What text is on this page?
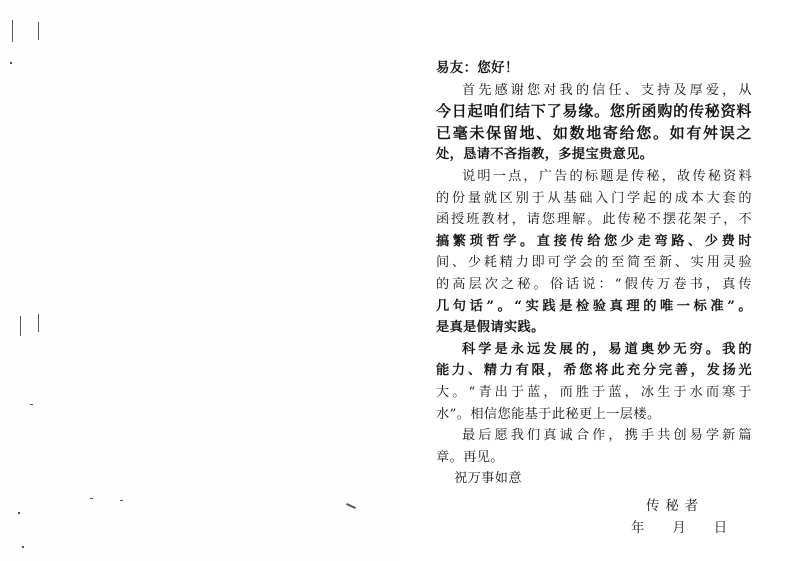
易友：您好！
首先感谢您对我的信任、支持及厚爱，从
今日起咱们结下了易缘。您所函购的传秘资料
已毫未保留地、如数地寄给您。如有舛误之
处，恳请不吝指教，多提宝贵意见。
说明一点，广告的标题是传秘，故传秘资料
的份量就区别于从基础入门学起的成本大套的
函授班教材，请您理解。此传秘不摆花架子，不
搞繁琐哲学。直接传给您少走弯路、少费时
间、少耗精力即可学会的至简至新、实用灵验
的高层次之秘。俗话说：“假传万卷书，真传
几句话”。“实践是检验真理的唯一标准”。
是真是假请实践。
科学是永远发展的，易道奥妙无穷。我的
能力、精力有限，希您将此充分完善，发扬光
大。“青出于蓝，而胜于蓝，冰生于水而寒于
水”。相信您能基于此秘更上一层楼。
最后愿我们真诚合作，携手共创易学新篇
章。再见。
祝万事如意
传秘者
年 月 日
